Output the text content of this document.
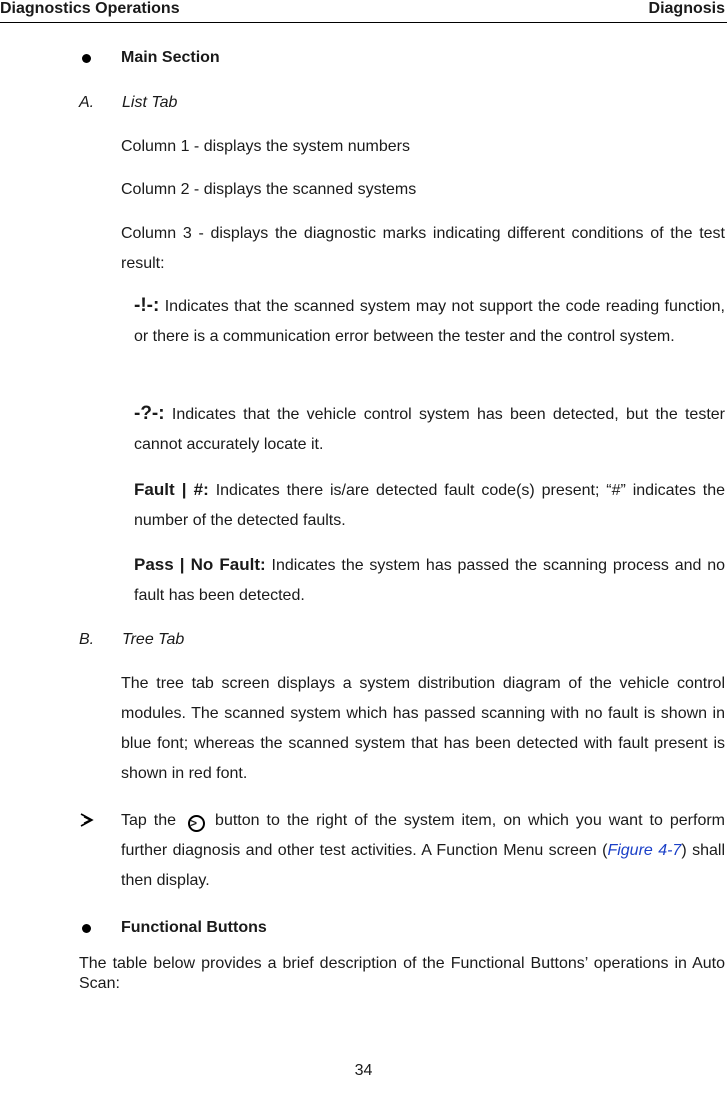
Diagnostics Operations	Diagnosis
Main Section
A. List Tab
Column 1 - displays the system numbers
Column 2 - displays the scanned systems
Column 3 - displays the diagnostic marks indicating different conditions of the test result:
-!-: Indicates that the scanned system may not support the code reading function, or there is a communication error between the tester and the control system.
-?-: Indicates that the vehicle control system has been detected, but the tester cannot accurately locate it.
Fault | #: Indicates there is/are detected fault code(s) present; “#” indicates the number of the detected faults.
Pass | No Fault: Indicates the system has passed the scanning process and no fault has been detected.
B. Tree Tab
The tree tab screen displays a system distribution diagram of the vehicle control modules. The scanned system which has passed scanning with no fault is shown in blue font; whereas the scanned system that has been detected with fault present is shown in red font.
Tap the > button to the right of the system item, on which you want to perform further diagnosis and other test activities. A Function Menu screen (Figure 4-7) shall then display.
Functional Buttons
The table below provides a brief description of the Functional Buttons’ operations in Auto Scan:
34
